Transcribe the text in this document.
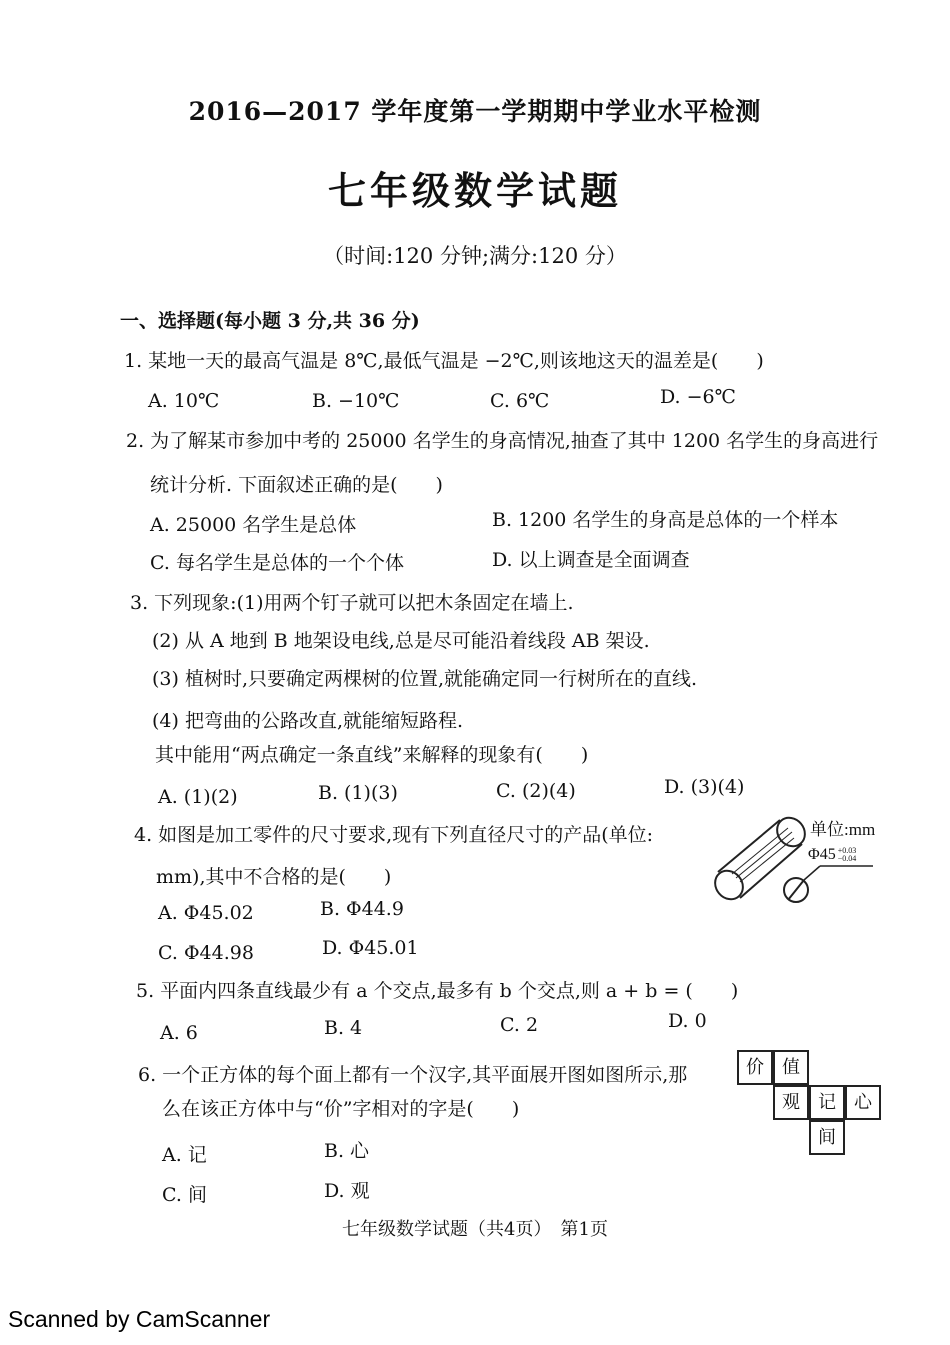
2016—2017 学年度第一学期期中学业水平检测
七年级数学试题
（时间:120 分钟;满分:120 分）
一、选择题(每小题 3 分,共 36 分)
1. 某地一天的最高气温是 8℃,最低气温是 −2℃,则该地这天的温差是(　　)
A. 10℃	B. −10℃	C. 6℃	D. −6℃
2. 为了解某市参加中考的 25000 名学生的身高情况,抽查了其中 1200 名学生的身高进行
统计分析. 下面叙述正确的是(　　)
A. 25000 名学生是总体	B. 1200 名学生的身高是总体的一个样本
C. 每名学生是总体的一个个体	D. 以上调查是全面调查
3. 下列现象:(1)用两个钉子就可以把木条固定在墙上.
(2) 从 A 地到 B 地架设电线,总是尽可能沿着线段 AB 架设.
(3) 植树时,只要确定两棵树的位置,就能确定同一行树所在的直线.
(4) 把弯曲的公路改直,就能缩短路程.
其中能用“两点确定一条直线”来解释的现象有(　　)
A. (1)(2)	B. (1)(3)	C. (2)(4)	D. (3)(4)
4. 如图是加工零件的尺寸要求,现有下列直径尺寸的产品(单位:
mm),其中不合格的是(　　)
A. Φ45.02	B. Φ44.9
C. Φ44.98	D. Φ45.01
单位:mm
Φ45 +0.03
−0.04
5. 平面内四条直线最少有 a 个交点,最多有 b 个交点,则 a + b = (　　)
A. 6	B. 4	C. 2	D. 0
6. 一个正方体的每个面上都有一个汉字,其平面展开图如图所示,那
么在该正方体中与“价”字相对的字是(　　)
A. 记	B. 心
C. 间	D. 观
价	值
观	记	心
间
七年级数学试题（共4页）　第1页
Scanned by CamScanner
